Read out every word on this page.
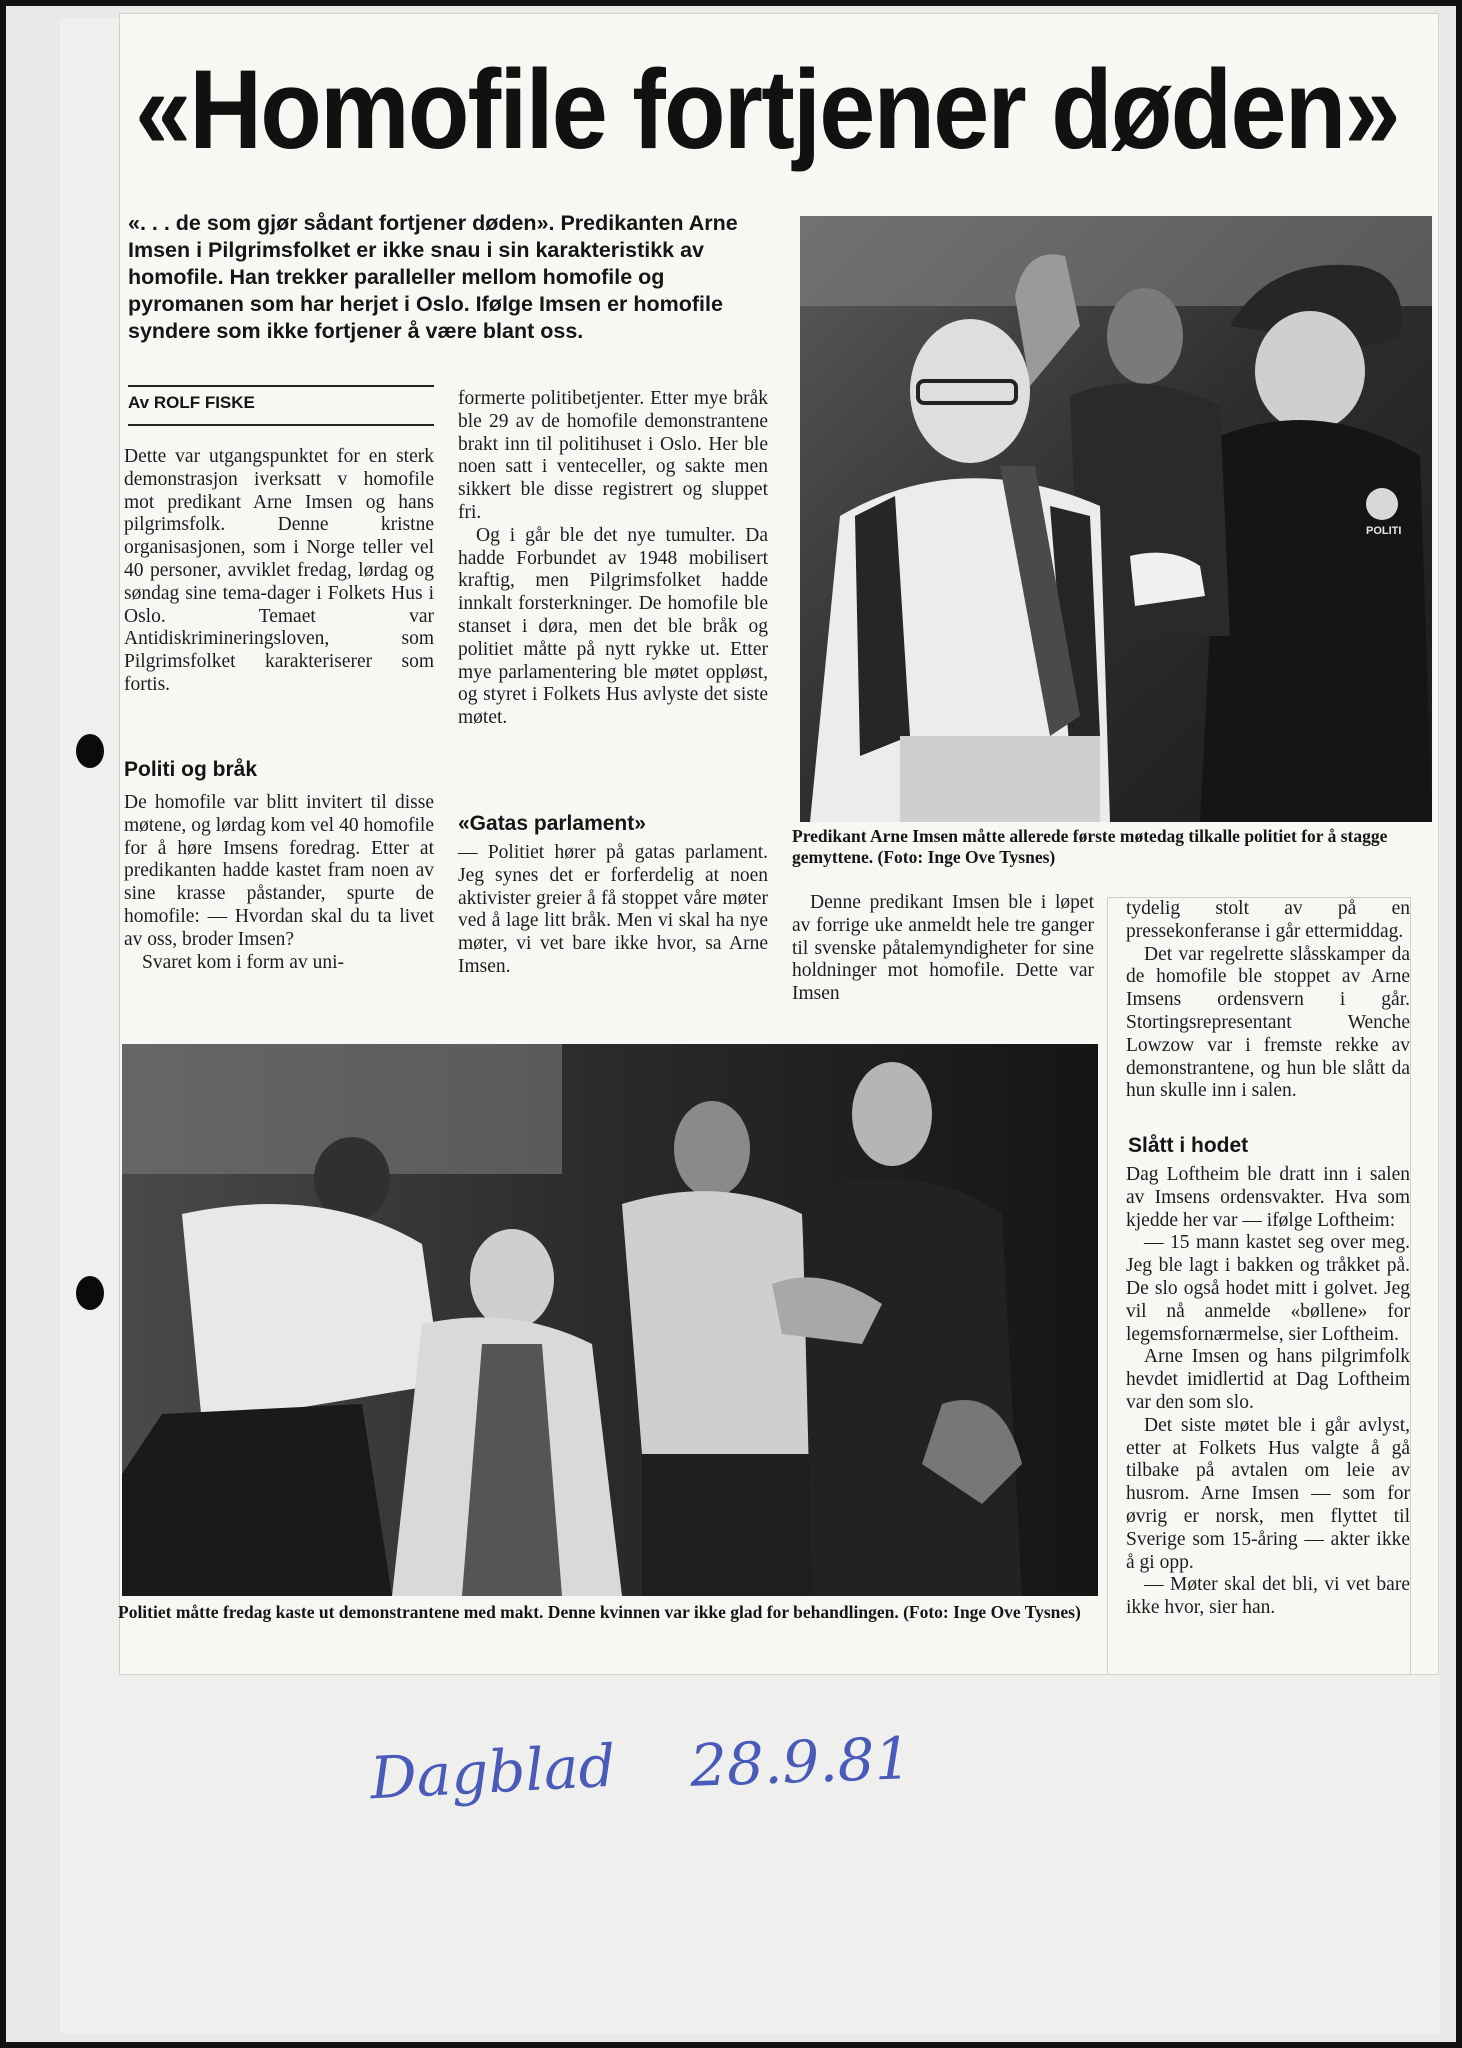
«Homofile fortjener døden»
«. . . de som gjør sådant fortjener døden». Predikanten Arne Imsen i Pilgrimsfolket er ikke snau i sin karakteristikk av homofile. Han trekker paralleller mellom homofile og pyromanen som har herjet i Oslo. Ifølge Imsen er homofile syndere som ikke fortjener å være blant oss.
Av ROLF FISKE

Dette var utgangspunktet for en sterk demonstrasjon iverksatt v homofile mot predikant Arne Imsen og hans pilgrimsfolk. Denne kristne organisasjonen, som i Norge teller vel 40 personer, avviklet fredag, lørdag og søndag sine tema-dager i Folkets Hus i Oslo. Temaet var Antidiskrimineringsloven, som Pilgrimsfolket karakteriserer som fortis.

Politi og bråk

De homofile var blitt invitert til disse møtene, og lørdag kom vel 40 homofile for å høre Imsens foredrag. Etter at predikanten hadde kastet fram noen av sine krasse påstander, spurte de homofile: — Hvordan skal du ta livet av oss, broder Imsen?

Svaret kom i form av uni-

formerte politibetjenter. Etter mye bråk ble 29 av de homofile demonstrantene brakt inn til politihuset i Oslo. Her ble noen satt i venteceller, og sakte men sikkert ble disse registrert og sluppet fri.

Og i går ble det nye tumulter. Da hadde Forbundet av 1948 mobilisert kraftig, men Pilgrimsfolket hadde innkalt forsterkninger. De homofile ble stanset i døra, men det ble bråk og politiet måtte på nytt rykke ut. Etter mye parlamentering ble møtet oppløst, og styret i Folkets Hus avlyste det siste møtet.

«Gatas parlament»

— Politiet hører på gatas parlament. Jeg synes det er forferdelig at noen aktivister greier å få stoppet våre møter ved å lage litt bråk. Men vi skal ha nye møter, vi vet bare ikke hvor, sa Arne Imsen.

POLITI
Predikant Arne Imsen måtte allerede første møtedag tilkalle politiet for å stagge gemyttene. (Foto: Inge Ove Tysnes)

Denne predikant Imsen ble i løpet av forrige uke anmeldt hele tre ganger til svenske påtalemyndigheter for sine holdninger mot homofile. Dette var Imsen

tydelig stolt av på en pressekonferanse i går ettermiddag.

Det var regelrette slåsskamper da de homofile ble stoppet av Arne Imsens ordensvern i går. Stortingsrepresentant Wenche Lowzow var i fremste rekke av demonstrantene, og hun ble slått da hun skulle inn i salen.

Slått i hodet

Dag Loftheim ble dratt inn i salen av Imsens ordensvakter. Hva som kjedde her var — ifølge Loftheim:

— 15 mann kastet seg over meg. Jeg ble lagt i bakken og tråkket på. De slo også hodet mitt i golvet. Jeg vil nå anmelde «bøllene» for legemsfornærmelse, sier Loftheim.

Arne Imsen og hans pilgrimfolk hevdet imidlertid at Dag Loftheim var den som slo.

Det siste møtet ble i går avlyst, etter at Folkets Hus valgte å gå tilbake på avtalen om leie av husrom. Arne Imsen — som for øvrig er norsk, men flyttet til Sverige som 15-åring — akter ikke å gi opp.

— Møter skal det bli, vi vet bare ikke hvor, sier han.

Politiet måtte fredag kaste ut demonstrantene med makt. Denne kvinnen var ikke glad for behandlingen. (Foto: Inge Ove Tysnes)
Dagblad 28.9.81
